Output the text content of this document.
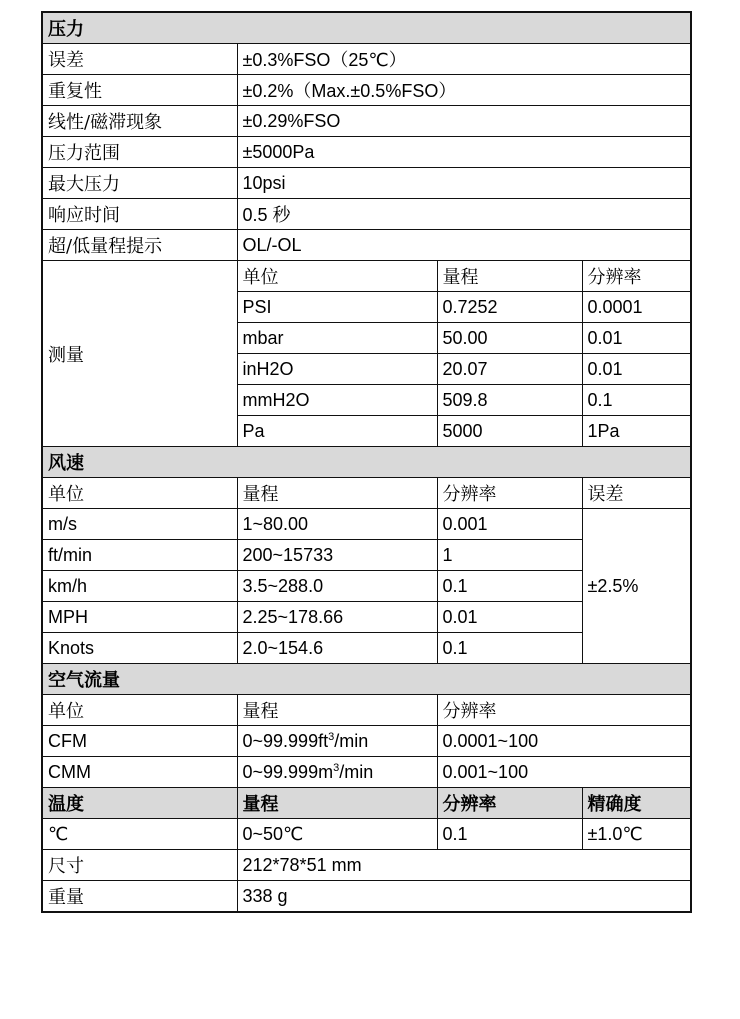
压力			
误差	±0.3%FSO（25℃）		
重复性	±0.2%（Max.±0.5%FSO）		
线性/磁滞现象	±0.29%FSO		
压力范围	±5000Pa		
最大压力	10psi		
响应时间	0.5 秒		
超/低量程提示	OL/-OL		
测量	单位	量程	分辨率
	PSI	0.7252	0.0001
	mbar	50.00	0.01
	inH2O	20.07	0.01
	mmH2O	509.8	0.1
	Pa	5000	1Pa
风速			
单位	量程	分辨率	误差
m/s	1~80.00	0.001	±2.5%
ft/min	200~15733	1	
km/h	3.5~288.0	0.1	
MPH	2.25~178.66	0.01	
Knots	2.0~154.6	0.1	
空气流量			
单位	量程	分辨率	
CFM	$0\sim 99.999ft^3/\min$	0.0001~100	
CMM	$0\sim 99.999m^3/\min$	0.001~100	
温度	量程	分辨率	精确度
℃	0~50℃	0.1	±1.0℃
尺寸	212*78*51 mm		
重量	338 g		
